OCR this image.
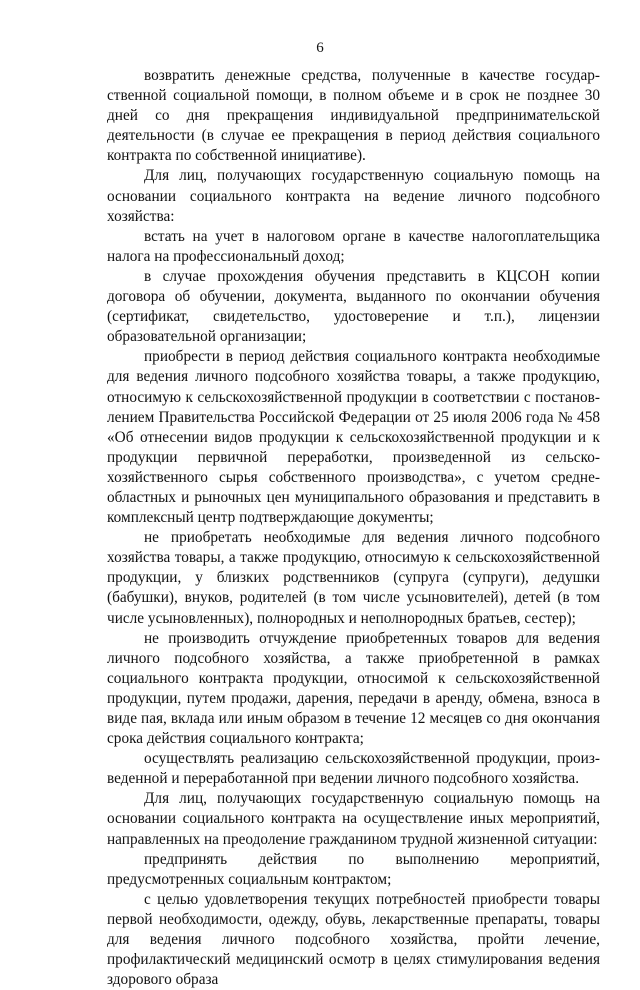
6

возвратить денежные средства, полученные в качестве государственной социальной помощи, в полном объеме и в срок не позднее 30 дней со дня прекращения индивидуальной предпринимательской деятельности (в случае ее прекращения в период действия социального контракта по собственной инициативе).

Для лиц, получающих государственную социальную помощь на основании социального контракта на ведение личного подсобного хозяйства:

встать на учет в налоговом органе в качестве налогоплательщика налога на профессиональный доход;

в случае прохождения обучения представить в КЦСОН копии договора об обучении, документа, выданного по окончании обучения (сертификат, свидетельство, удостоверение и т.п.), лицензии образовательной организации;

приобрести в период действия социального контракта необходимые для ведения личного подсобного хозяйства товары, а также продукцию, относимую к сельскохозяйственной продукции в соответствии с постановлением Правительства Российской Федерации от 25 июля 2006 года № 458 «Об отнесении видов продукции к сельскохозяйственной продукции и к продукции первичной переработки, произведенной из сельскохозяйственного сырья собственного производства», с учетом среднеобластных и рыночных цен муниципального образования и представить в комплексный центр подтверждающие документы;

не приобретать необходимые для ведения личного подсобного хозяйства товары, а также продукцию, относимую к сельскохозяйственной продукции, у близких родственников (супруга (супруги), дедушки (бабушки), внуков, родителей (в том числе усыновителей), детей (в том числе усыновленных), полнородных и неполнородных братьев, сестер);

не производить отчуждение приобретенных товаров для ведения личного подсобного хозяйства, а также приобретенной в рамках социального контракта продукции, относимой к сельскохозяйственной продукции, путем продажи, дарения, передачи в аренду, обмена, взноса в виде пая, вклада или иным образом в течение 12 месяцев со дня окончания срока действия социального контракта;

осуществлять реализацию сельскохозяйственной продукции, произведенной и переработанной при ведении личного подсобного хозяйства.

Для лиц, получающих государственную социальную помощь на основании социального контракта на осуществление иных мероприятий, направленных на преодоление гражданином трудной жизненной ситуации:

предпринять действия по выполнению мероприятий, предусмотренных социальным контрактом;

с целью удовлетворения текущих потребностей приобрести товары первой необходимости, одежду, обувь, лекарственные препараты, товары для ведения личного подсобного хозяйства, пройти лечение, профилактический медицинский осмотр в целях стимулирования ведения здорового образа
